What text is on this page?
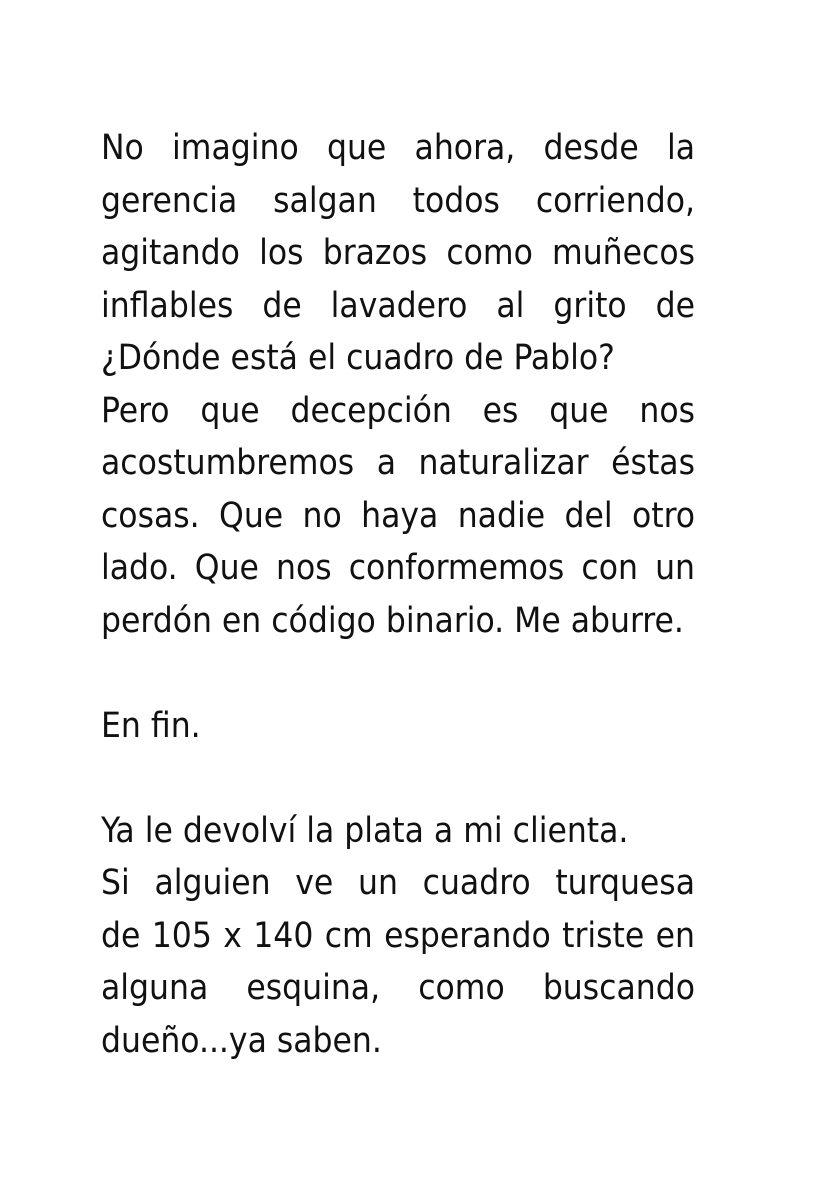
No imagino que ahora, desde la
gerencia salgan todos corriendo,
agitando los brazos como muñecos
inflables de lavadero al grito de
¿Dónde está el cuadro de Pablo?
Pero que decepción es que nos
acostumbremos a naturalizar éstas
cosas. Que no haya nadie del otro
lado. Que nos conformemos con un
perdón en código binario. Me aburre.
En fin.
Ya le devolví la plata a mi clienta.
Si alguien ve un cuadro turquesa
de 105 x 140 cm esperando triste en
alguna esquina, como buscando
dueño...ya saben.
